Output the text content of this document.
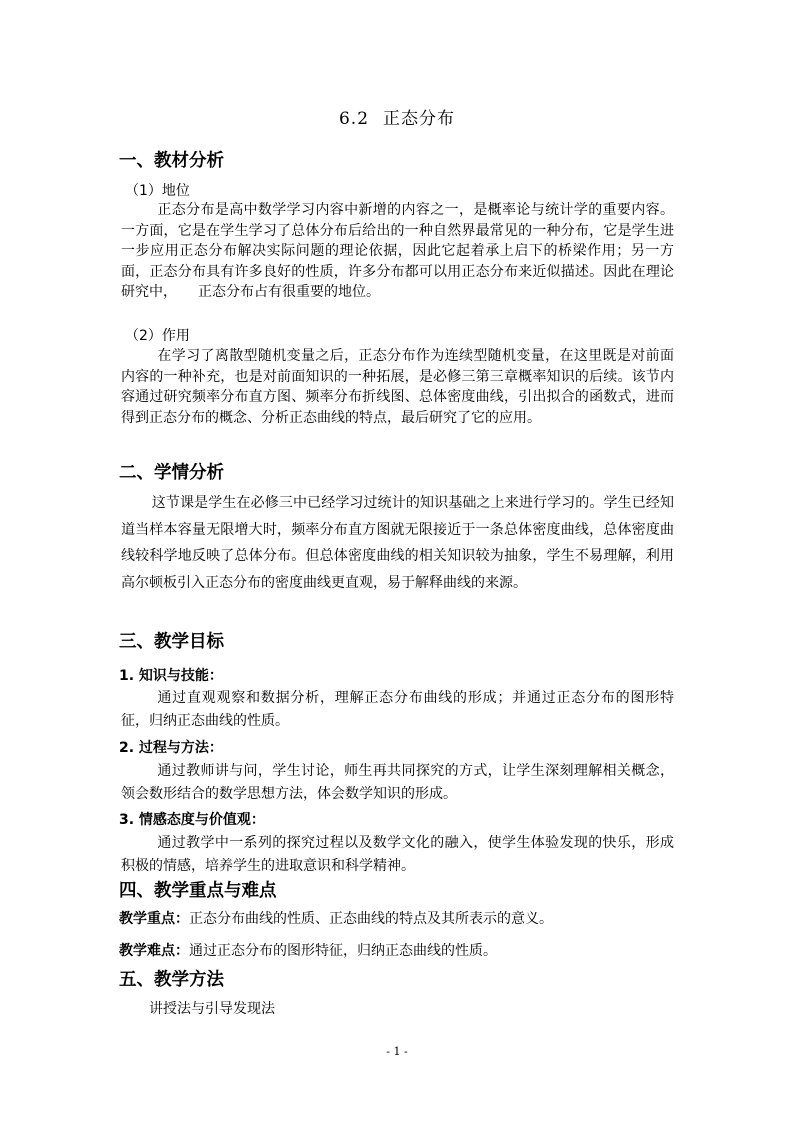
6.2 正态分布
一、教材分析
（1）地位

正态分布是高中数学学习内容中新增的内容之一，是概率论与统计学的重要内容。一方面，它是在学生学习了总体分布后给出的一种自然界最常见的一种分布，它是学生进一步应用正态分布解决实际问题的理论依据，因此它起着承上启下的桥梁作用；另一方面，正态分布具有许多良好的性质，许多分布都可以用正态分布来近似描述。因此在理论研究中，　　正态分布占有很重要的地位。

（2）作用

在学习了离散型随机变量之后，正态分布作为连续型随机变量，在这里既是对前面内容的一种补充，也是对前面知识的一种拓展，是必修三第三章概率知识的后续。该节内容通过研究频率分布直方图、频率分布折线图、总体密度曲线，引出拟合的函数式，进而得到正态分布的概念、分析正态曲线的特点，最后研究了它的应用。

二、学情分析

这节课是学生在必修三中已经学习过统计的知识基础之上来进行学习的。学生已经知道当样本容量无限增大时，频率分布直方图就无限接近于一条总体密度曲线，总体密度曲线较科学地反映了总体分布。但总体密度曲线的相关知识较为抽象，学生不易理解，利用高尔顿板引入正态分布的密度曲线更直观，易于解释曲线的来源。

三、教学目标
1. 知识与技能：

通过直观观察和数据分析，理解正态分布曲线的形成；并通过正态分布的图形特征，归纳正态曲线的性质。

2. 过程与方法：

通过教师讲与问，学生讨论，师生再共同探究的方式，让学生深刻理解相关概念，领会数形结合的数学思想方法，体会数学知识的形成。

3. 情感态度与价值观：

通过教学中一系列的探究过程以及数学文化的融入，使学生体验发现的快乐，形成积极的情感，培养学生的进取意识和科学精神。

四、教学重点与难点
教学重点：正态分布曲线的性质、正态曲线的特点及其所表示的意义。
教学难点：通过正态分布的图形特征，归纳正态曲线的性质。
五、教学方法
讲授法与引导发现法
- 1 -
